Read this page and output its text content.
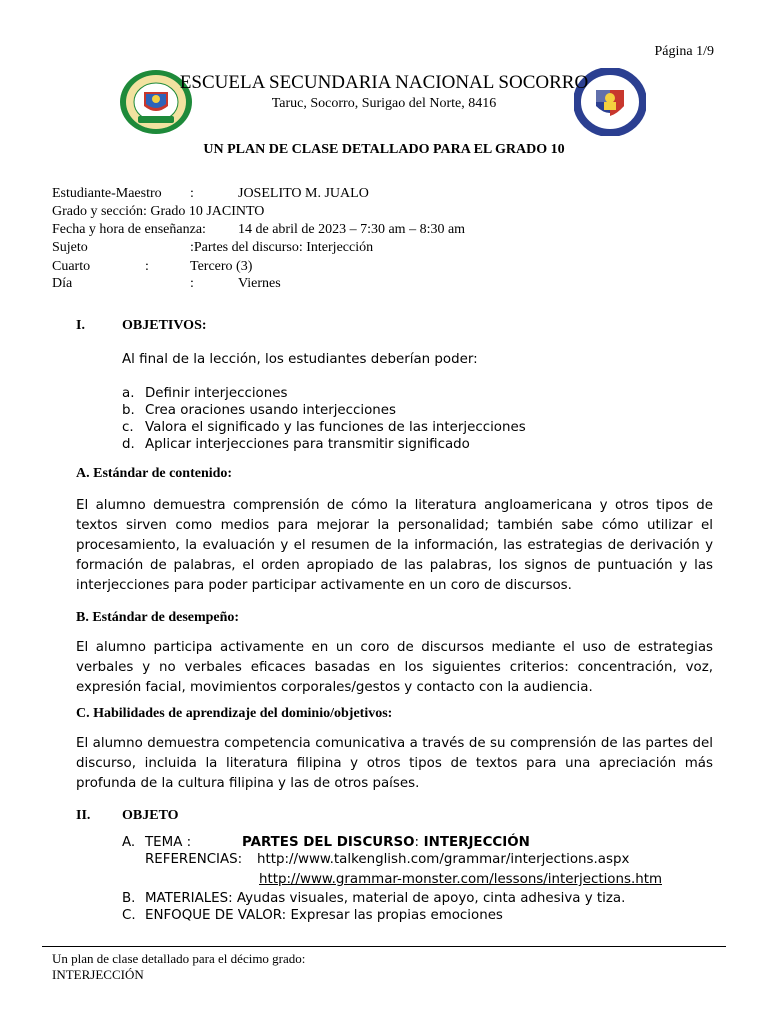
Página 1/9
ESCUELA SECUNDARIA NACIONAL SOCORRO
Taruc, Socorro, Surigao del Norte, 8416
UN PLAN DE CLASE DETALLADO PARA EL GRADO 10
Estudiante-Maestro :	JOSELITO M. JUALO
Grado y sección: Grado 10 JACINTO
Fecha y hora de enseñanza: 14 de abril de 2023 – 7:30 am – 8:30 am
Sujeto	:Partes del discurso: Interjección
Cuarto	:	Tercero (3)
Día	:	Viernes
I.	OBJETIVOS:
Al final de la lección, los estudiantes deberían poder:
a. Definir interjecciones
b. Crea oraciones usando interjecciones
c. Valora el significado y las funciones de las interjecciones
d. Aplicar interjecciones para transmitir significado
A. Estándar de contenido:
El alumno demuestra comprensión de cómo la literatura angloamericana y otros tipos de textos sirven como medios para mejorar la personalidad; también sabe cómo utilizar el procesamiento, la evaluación y el resumen de la información, las estrategias de derivación y formación de palabras, el orden apropiado de las palabras, los signos de puntuación y las interjecciones para poder participar activamente en un coro de discursos.
B. Estándar de desempeño:
El alumno participa activamente en un coro de discursos mediante el uso de estrategias verbales y no verbales eficaces basadas en los siguientes criterios: concentración, voz, expresión facial, movimientos corporales/gestos y contacto con la audiencia.
C. Habilidades de aprendizaje del dominio/objetivos:
El alumno demuestra competencia comunicativa a través de su comprensión de las partes del discurso, incluida la literatura filipina y otros tipos de textos para una apreciación más profunda de la cultura filipina y las de otros países.
II. OBJETO
A. TEMA :	PARTES DEL DISCURSO: INTERJECCIÓN
REFERENCIAS: http://www.talkenglish.com/grammar/interjections.aspx
http://www.grammar-monster.com/lessons/interjections.htm
B. MATERIALES: Ayudas visuales, material de apoyo, cinta adhesiva y tiza.
C. ENFOQUE DE VALOR: Expresar las propias emociones
Un plan de clase detallado para el décimo grado:
INTERJECCIÓN
